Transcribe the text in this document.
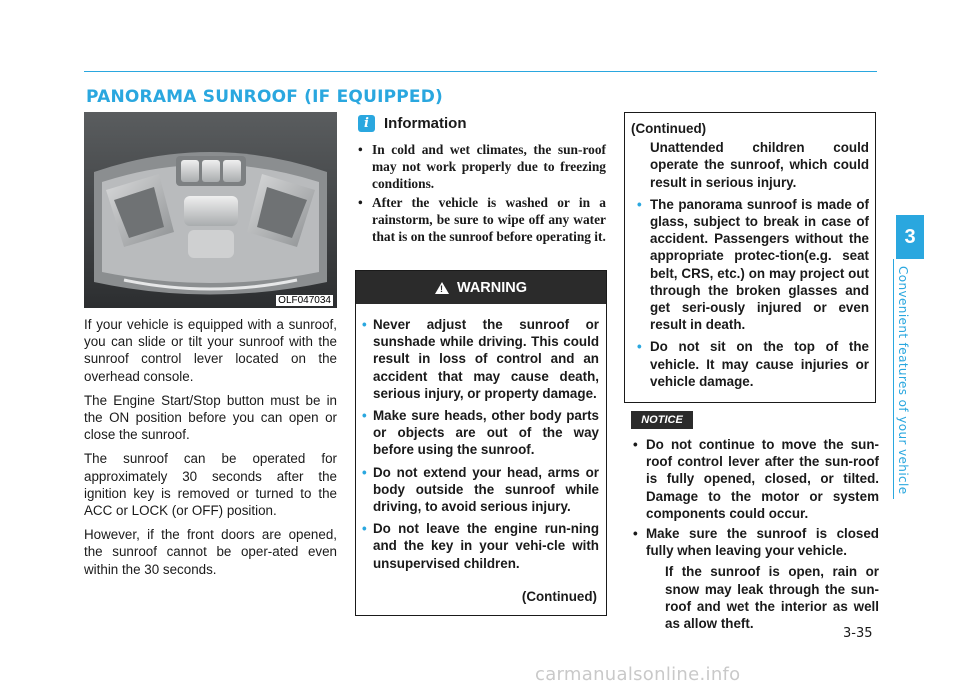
PANORAMA SUNROOF (IF EQUIPPED)
OLF047034

If your vehicle is equipped with a sunroof, you can slide or tilt your sunroof with the sunroof control lever located on the overhead console.

The Engine Start/Stop button must be in the ON position before you can open or close the sunroof.

The sunroof can be operated for approximately 30 seconds after the ignition key is removed or turned to the ACC or LOCK (or OFF) position.

However, if the front doors are opened, the sunroof cannot be oper-ated even within the 30 seconds.

i	Information
• In cold and wet climates, the sun-roof may not work properly due to freezing conditions.
• After the vehicle is washed or in a rainstorm, be sure to wipe off any water that is on the sunroof before operating it.
!
WARNING
• Never adjust the sunroof or sunshade while driving. This could result in loss of control and an accident that may cause death, serious injury, or property damage.
• Make sure heads, other body parts or objects are out of the way before using the sunroof.
• Do not extend your head, arms or body outside the sunroof while driving, to avoid serious injury.
• Do not leave the engine run-ning and the key in your vehi-cle with unsupervised children.
(Continued)
(Continued)
Unattended children could operate the sunroof, which could result in serious injury.
• The panorama sunroof is made of glass, subject to break in case of accident. Passengers without the appropriate protec-tion(e.g. seat belt, CRS, etc.) on may project out through the broken glasses and get seri-ously injured or even result in death.
• Do not sit on the top of the vehicle. It may cause injuries or vehicle damage.
NOTICE
• Do not continue to move the sun-roof control lever after the sun-roof is fully opened, closed, or tilted. Damage to the motor or system components could occur.
• Make sure the sunroof is closed fully when leaving your vehicle.
If the sunroof is open, rain or snow may leak through the sun-roof and wet the interior as well as allow theft.
3
Convenient features of your vehicle
3-35
carmanualsonline.info
